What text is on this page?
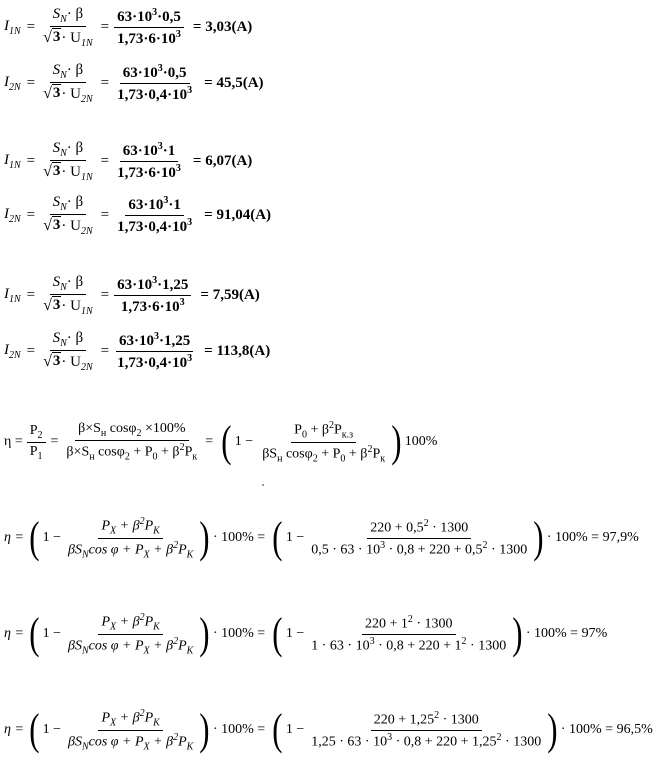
$I_{1N} = \frac{S_N\cdot \beta}{√ 3 \cdot U_{1N}} = \frac{63\cdot 10^3\cdot 0,5}{1,73\cdot 6\cdot 10^3} = 3,03(A)$
$I_{2N} = \frac{S_N\cdot \beta}{√ 3 \cdot U_{2N}} = \frac{63\cdot 10^3\cdot 0,5}{1,73\cdot 0,4\cdot 10^3} = 45,5(A)$
$I_{1N} = \frac{S_N\cdot \beta}{√ 3 \cdot U_{1N}} = \frac{63\cdot 10^3\cdot 1}{1,73\cdot 6\cdot 10^3} = 6,07(A)$
$I_{2N} = \frac{S_N\cdot \beta}{√ 3 \cdot U_{2N}} = \frac{63\cdot 10^3\cdot 1}{1,73\cdot 0,4\cdot 10^3} = 91,04(A)$
$I_{1N} = \frac{S_N\cdot \beta}{√ 3 \cdot U_{1N}} = \frac{63\cdot 10^3\cdot 1,25}{1,73\cdot 6\cdot 10^3} = 7,59(A)$
$I_{2N} = \frac{S_N\cdot \beta}{√ 3 \cdot U_{2N}} = \frac{63\cdot 10^3\cdot 1,25}{1,73\cdot 0,4\cdot 10^3} = 113,8(A)$
$\eta = \frac{P_2}{P_1} = \frac{\beta\times S_н \cos\varphi_2 \times 100\%}{\beta\times S_н \cos\varphi_2 + P_0 + \beta^2P_к}$ = ( $1 - \frac{P_0 + \beta^2P_{к.з}}{\beta S_н \cos\varphi_2 + P_0 + \beta^2P_к}$ ) 100%
η = ( $1 - \frac{P_X + \beta^2P_K}{\beta S_N\cos \varphi + P_X + \beta^2P_K}$ ) · 100% = ( $1 - \frac{220 + 0,5^2 \cdot 1300}{0,5 \cdot 63 \cdot 10^3 \cdot 0,8 + 220 + 0,5^2 \cdot 1300}$ ) · 100% = 97,9%
η = ( $1 - \frac{P_X + \beta^2P_K}{\beta S_N\cos \varphi + P_X + \beta^2P_K}$ ) · 100% = ( $1 - \frac{220 + 1^2 \cdot 1300}{1 \cdot 63 \cdot 10^3 \cdot 0,8 + 220 + 1^2 \cdot 1300}$ ) · 100% = 97%
η = ( $1 - \frac{P_X + \beta^2P_K}{\beta S_N\cos \varphi + P_X + \beta^2P_K}$ ) · 100% = ( $1 - \frac{220 + 1,25^2 \cdot 1300}{1,25 \cdot 63 \cdot 10^3 \cdot 0,8 + 220 + 1,25^2 \cdot 1300}$ ) · 100% = 96,5%
